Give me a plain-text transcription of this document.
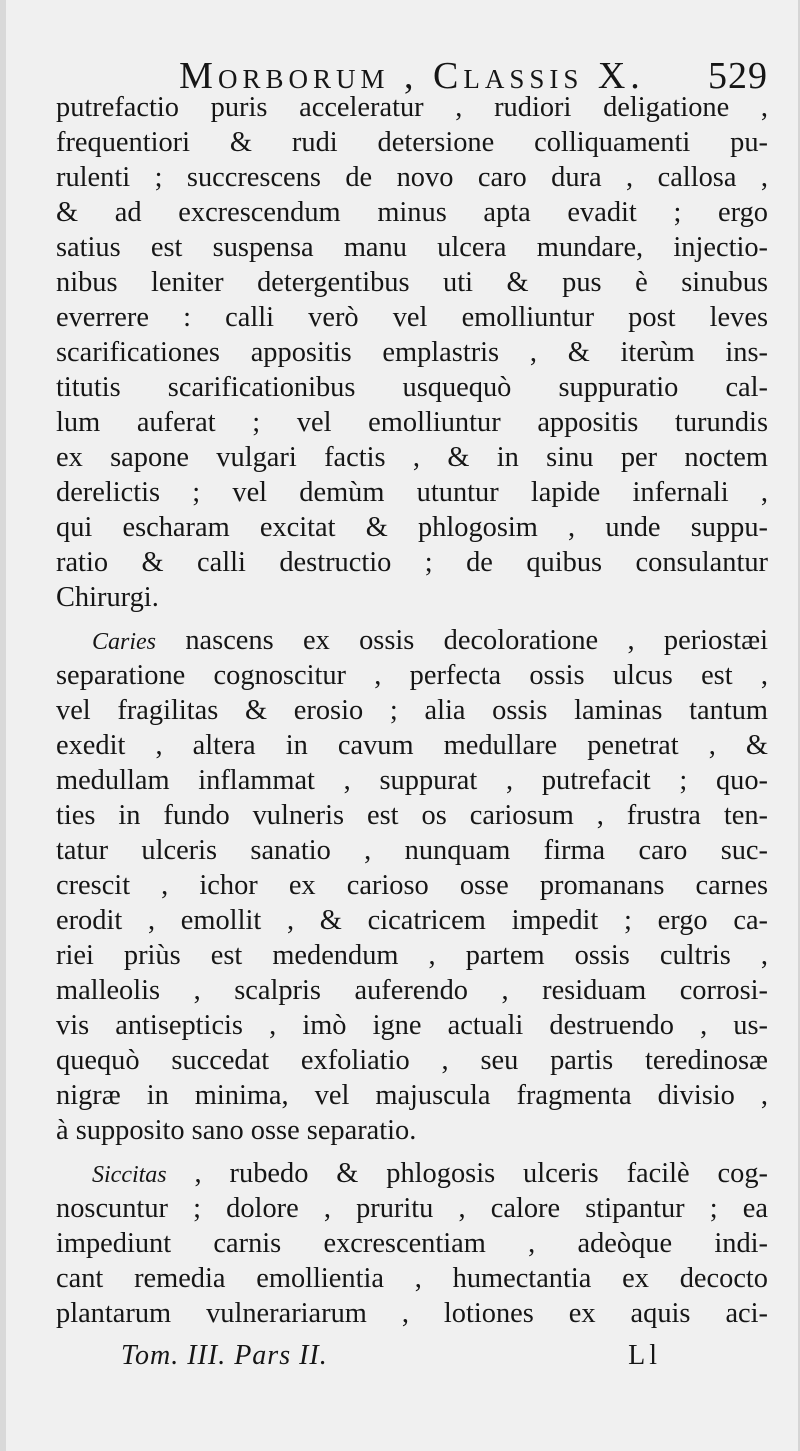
Morborum , Classis X. 529
putrefactio puris acceleratur , rudiori deligatione ,
frequentiori & rudi detersione colliquamenti pu-
rulenti ; succrescens de novo caro dura , callosa ,
& ad excrescendum minus apta evadit ; ergo
satius est suspensa manu ulcera mundare, injectio-
nibus leniter detergentibus uti & pus è sinubus
everrere : calli verò vel emolliuntur post leves
scarificationes appositis emplastris , & iterùm ins-
titutis scarificationibus usquequò suppuratio cal-
lum auferat ; vel emolliuntur appositis turundis
ex sapone vulgari factis , & in sinu per noctem
derelictis ; vel demùm utuntur lapide infernali ,
qui escharam excitat & phlogosim , unde suppu-
ratio & calli destructio ; de quibus consulantur
Chirurgi.
Caries nascens ex ossis decoloratione , periostæi
separatione cognoscitur , perfecta ossis ulcus est ,
vel fragilitas & erosio ; alia ossis laminas tantum
exedit , altera in cavum medullare penetrat , &
medullam inflammat , suppurat , putrefacit ; quo-
ties in fundo vulneris est os cariosum , frustra ten-
tatur ulceris sanatio , nunquam firma caro suc-
crescit , ichor ex carioso osse promanans carnes
erodit , emollit , & cicatricem impedit ; ergo ca-
riei priùs est medendum , partem ossis cultris ,
malleolis , scalpris auferendo , residuam corrosi-
vis antisepticis , imò igne actuali destruendo , us-
quequò succedat exfoliatio , seu partis teredinosæ
nigræ in minima, vel majuscula fragmenta divisio ,
à supposito sano osse separatio.
Siccitas , rubedo & phlogosis ulceris facilè cog-
noscuntur ; dolore , pruritu , calore stipantur ; ea
impediunt carnis excrescentiam , adeòque indi-
cant remedia emollientia , humectantia ex decocto
plantarum vulnerariarum , lotiones ex aquis aci-
Tom. III. Pars II.	Ll
